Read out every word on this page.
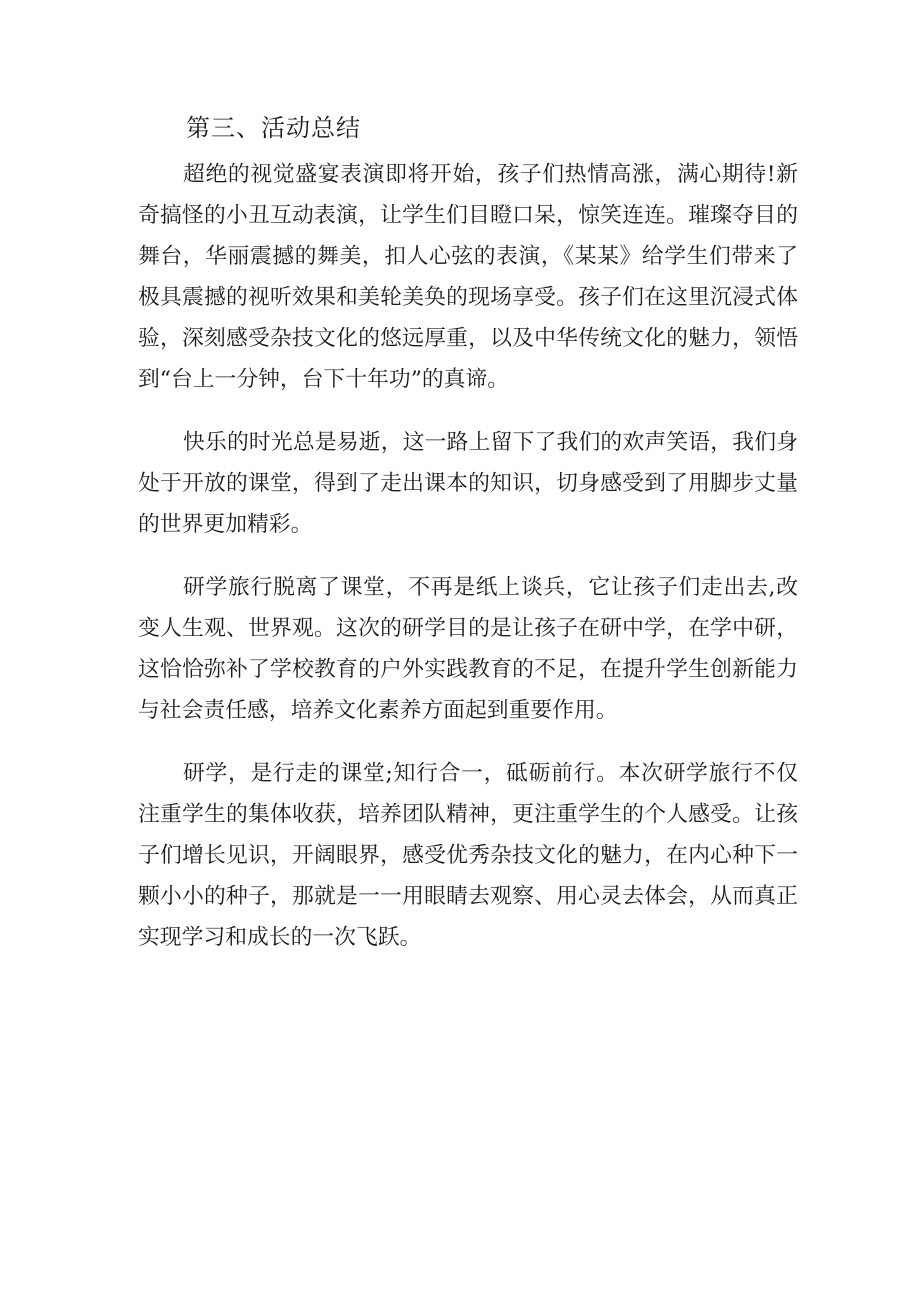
第三、活动总结

超绝的视觉盛宴表演即将开始，孩子们热情高涨，满心期待!新奇搞怪的小丑互动表演，让学生们目瞪口呆，惊笑连连。璀璨夺目的舞台，华丽震撼的舞美，扣人心弦的表演，《某某》给学生们带来了极具震撼的视听效果和美轮美奂的现场享受。孩子们在这里沉浸式体验，深刻感受杂技文化的悠远厚重，以及中华传统文化的魅力，领悟到“台上一分钟，台下十年功”的真谛。

快乐的时光总是易逝，这一路上留下了我们的欢声笑语，我们身处于开放的课堂，得到了走出课本的知识，切身感受到了用脚步丈量的世界更加精彩。

研学旅行脱离了课堂，不再是纸上谈兵，它让孩子们走出去,改变人生观、世界观。这次的研学目的是让孩子在研中学，在学中研，这恰恰弥补了学校教育的户外实践教育的不足，在提升学生创新能力与社会责任感，培养文化素养方面起到重要作用。

研学，是行走的课堂;知行合一，砥砺前行。本次研学旅行不仅注重学生的集体收获，培养团队精神，更注重学生的个人感受。让孩子们增长见识，开阔眼界，感受优秀杂技文化的魅力，在内心种下一颗小小的种子，那就是一一用眼睛去观察、用心灵去体会，从而真正实现学习和成长的一次飞跃。
